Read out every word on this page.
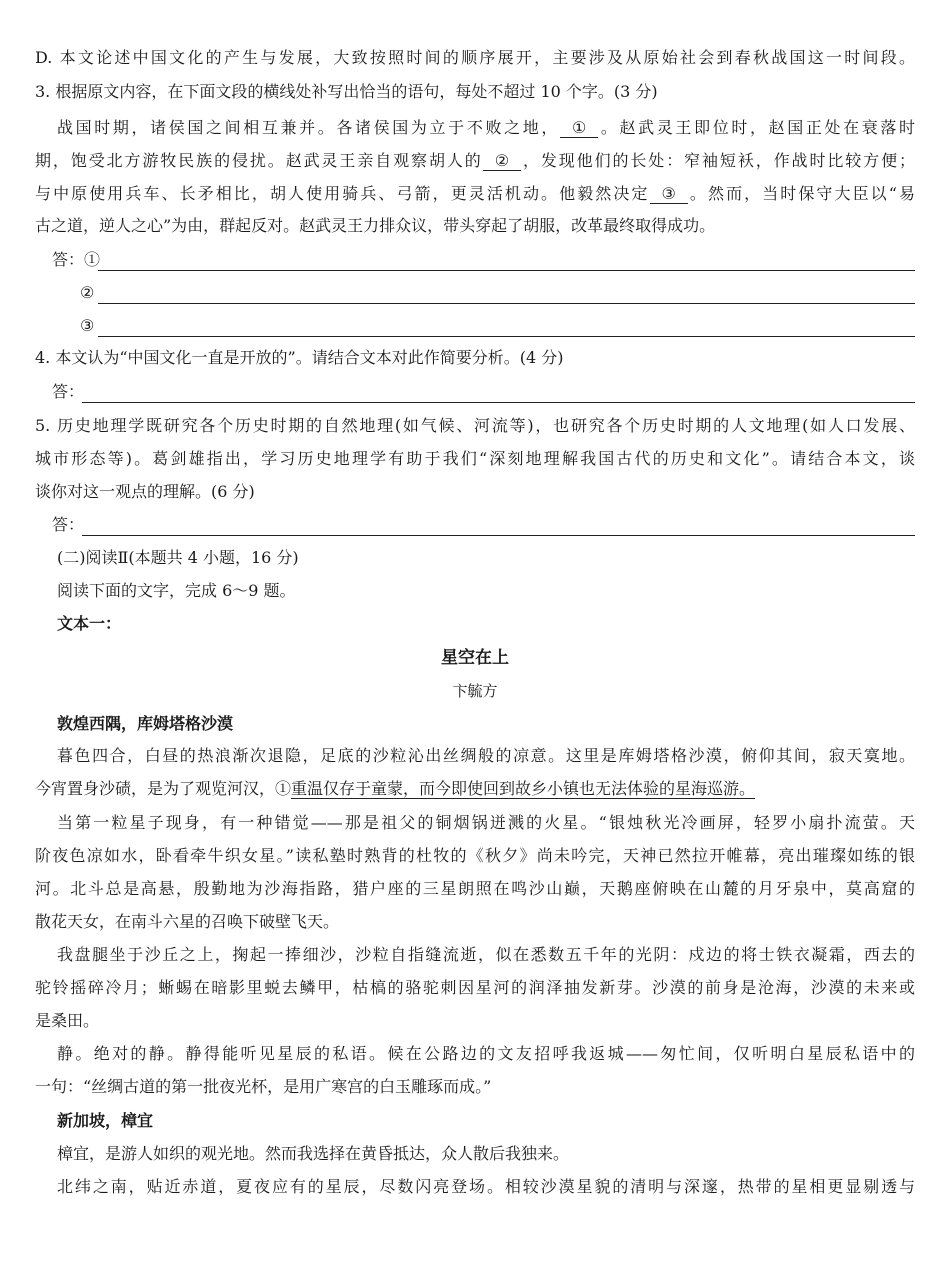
D. 本文论述中国文化的产生与发展，大致按照时间的顺序展开，主要涉及从原始社会到春秋战国这一时间段。
3. 根据原文内容，在下面文段的横线处补写出恰当的语句，每处不超过 10 个字。(3 分)
战国时期，诸侯国之间相互兼并。各诸侯国为立于不败之地， ① 。赵武灵王即位时，赵国正处在衰落时
期，饱受北方游牧民族的侵扰。赵武灵王亲自观察胡人的 ② ，发现他们的长处：窄袖短袄，作战时比较方便；
与中原使用兵车、长矛相比，胡人使用骑兵、弓箭，更灵活机动。他毅然决定 ③ 。然而，当时保守大臣以“易
古之道，逆人之心”为由，群起反对。赵武灵王力排众议，带头穿起了胡服，改革最终取得成功。
答：①
②
③
4. 本文认为“中国文化一直是开放的”。请结合文本对此作简要分析。(4 分)
答：
5. 历史地理学既研究各个历史时期的自然地理(如气候、河流等)，也研究各个历史时期的人文地理(如人口发展、
城市形态等)。葛剑雄指出，学习历史地理学有助于我们“深刻地理解我国古代的历史和文化”。请结合本文，谈
谈你对这一观点的理解。(6 分)
答：
(二)阅读Ⅱ(本题共 4 小题，16 分)
阅读下面的文字，完成 6～9 题。
文本一：
星空在上
卞毓方
敦煌西隅，库姆塔格沙漠
暮色四合，白昼的热浪渐次退隐，足底的沙粒沁出丝绸般的凉意。这里是库姆塔格沙漠，俯仰其间，寂天寞地。
今宵置身沙碛，是为了观览河汉，①重温仅存于童蒙，而今即使回到故乡小镇也无法体验的星海巡游。
当第一粒星子现身，有一种错觉——那是祖父的铜烟锅迸溅的火星。“银烛秋光冷画屏，轻罗小扇扑流萤。天
阶夜色凉如水，卧看牵牛织女星。”读私塾时熟背的杜牧的《秋夕》尚未吟完，天神已然拉开帷幕，亮出璀璨如练的银
河。北斗总是高悬，殷勤地为沙海指路，猎户座的三星朗照在鸣沙山巅，天鹅座俯映在山麓的月牙泉中，莫高窟的
散花天女，在南斗六星的召唤下破壁飞天。
我盘腿坐于沙丘之上，掬起一捧细沙，沙粒自指缝流逝，似在悉数五千年的光阴：戍边的将士铁衣凝霜，西去的
驼铃摇碎冷月；蜥蜴在暗影里蜕去鳞甲，枯槁的骆驼刺因星河的润泽抽发新芽。沙漠的前身是沧海，沙漠的未来或
是桑田。
静。绝对的静。静得能听见星辰的私语。候在公路边的文友招呼我返城——匆忙间，仅听明白星辰私语中的
一句：“丝绸古道的第一批夜光杯，是用广寒宫的白玉雕琢而成。”
新加坡，樟宜
樟宜，是游人如织的观光地。然而我选择在黄昏抵达，众人散后我独来。
北纬之南，贴近赤道，夏夜应有的星辰，尽数闪亮登场。相较沙漠星貌的清明与深邃，热带的星相更显剔透与
